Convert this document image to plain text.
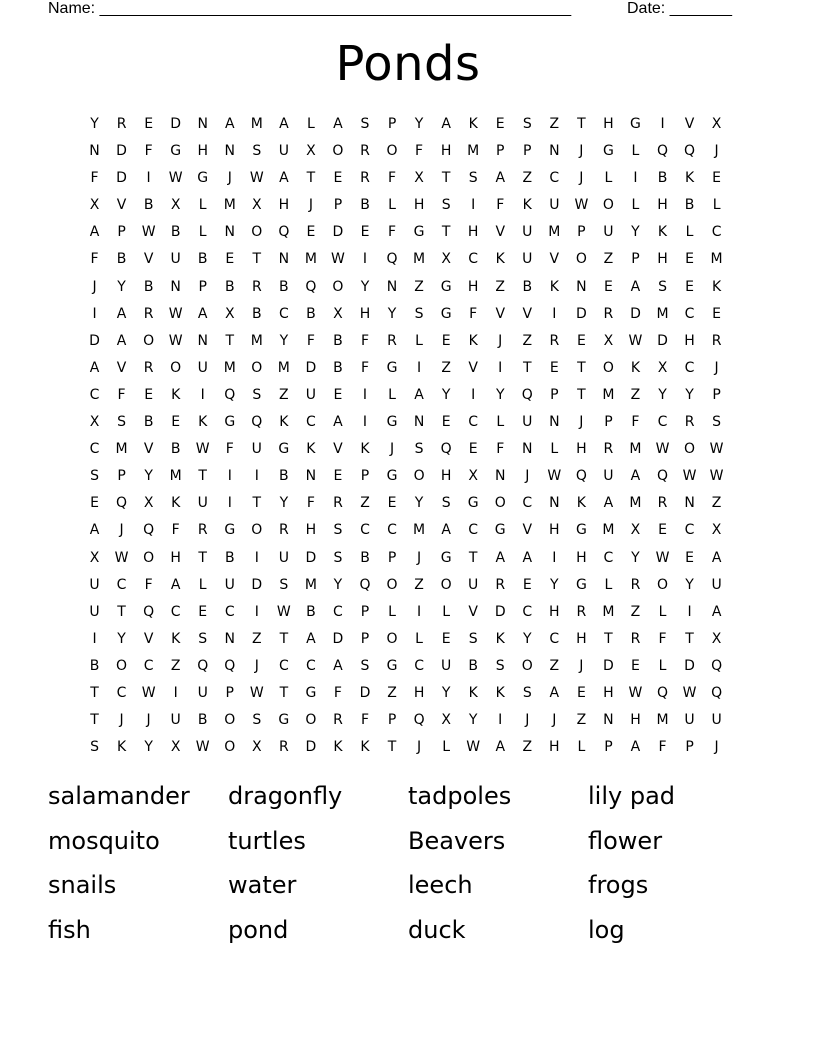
Name: _____________________________________________________	Date: _______
Ponds
Y	R	E	D	N	A	M	A	L	A	S	P	Y	A	K	E	S	Z	T	H	G	I	V	X
N	D	F	G	H	N	S	U	X	O	R	O	F	H	M	P	P	N	J	G	L	Q	Q	J
F	D	I	W	G	J	W	A	T	E	R	F	X	T	S	A	Z	C	J	L	I	B	K	E
X	V	B	X	L	M	X	H	J	P	B	L	H	S	I	F	K	U	W	O	L	H	B	L
A	P	W	B	L	N	O	Q	E	D	E	F	G	T	H	V	U	M	P	U	Y	K	L	C
F	B	V	U	B	E	T	N	M	W	I	Q	M	X	C	K	U	V	O	Z	P	H	E	M
J	Y	B	N	P	B	R	B	Q	O	Y	N	Z	G	H	Z	B	K	N	E	A	S	E	K
I	A	R	W	A	X	B	C	B	X	H	Y	S	G	F	V	V	I	D	R	D	M	C	E
D	A	O	W	N	T	M	Y	F	B	F	R	L	E	K	J	Z	R	E	X	W	D	H	R
A	V	R	O	U	M	O	M	D	B	F	G	I	Z	V	I	T	E	T	O	K	X	C	J
C	F	E	K	I	Q	S	Z	U	E	I	L	A	Y	I	Y	Q	P	T	M	Z	Y	Y	P
X	S	B	E	K	G	Q	K	C	A	I	G	N	E	C	L	U	N	J	P	F	C	R	S
C	M	V	B	W	F	U	G	K	V	K	J	S	Q	E	F	N	L	H	R	M	W	O	W
S	P	Y	M	T	I	I	B	N	E	P	G	O	H	X	N	J	W	Q	U	A	Q	W W
E	Q	X	K	U	I	T	Y	F	R	Z	E	Y	S	G	O	C	N	K	A	M	R	N	Z
A	J	Q	F	R	G	O	R	H	S	C	C	M	A	C	G	V	H	G	M	X	E	C	X
X	W	O	H	T	B	I	U	D	S	B	P	J	G	T	A	A	I	H	C	Y	W	E	A
U	C	F	A	L	U	D	S	M	Y	Q	O	Z	O	U	R	E	Y	G	L	R	O	Y	U
U	T	Q	C	E	C	I	W	B	C	P	L	I	L	V	D	C	H	R	M	Z	L	I	A
I	Y	V	K	S	N	Z	T	A	D	P	O	L	E	S	K	Y	C	H	T	R	F	T	X
B	O	C	Z	Q	Q	J	C	C	A	S	G	C	U	B	S	O	Z	J	D	E	L	D	Q
T	C	W	I	U	P	W	T	G	F	D	Z	H	Y	K	K	S	A	E	H	W	Q	W	Q
T	J	J	U	B	O	S	G	O	R	F	P	Q	X	Y	I	J	J	Z	N	H	M	U	U
S	K	Y	X	W	O	X	R	D	K	K	T	J	L	W	A	Z	H	L	P	A	F	P	J
salamander	dragonfly	tadpoles	lily pad
mosquito	turtles	Beavers	flower
snails	water	leech	frogs
fish	pond	duck	log
